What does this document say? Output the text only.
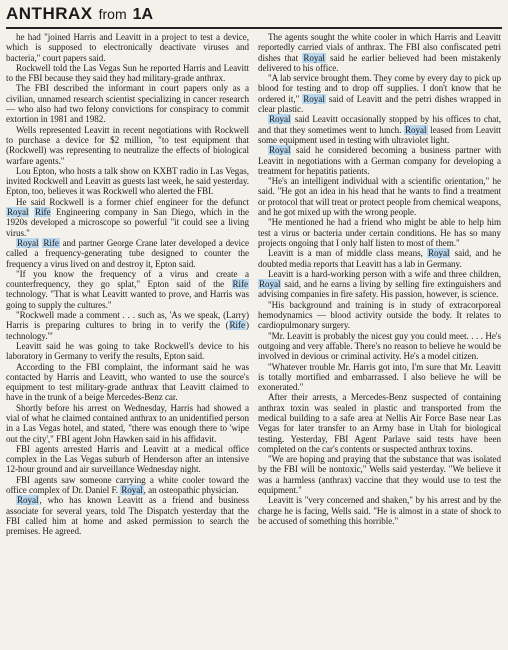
ANTHRAX from 1A

he had "joined Harris and Leavitt in a project to test a device, which is supposed to electronically deactivate viruses and bacteria," court papers said.

Rockwell told the Las Vegas Sun he reported Harris and Leavitt to the FBI because they said they had military-grade anthrax.

The FBI described the informant in court papers only as a civilian, unnamed research scientist specializing in cancer research — who also had two felony convictions for conspiracy to commit extortion in 1981 and 1982.

Wells represented Leavitt in recent negotiations with Rockwell to purchase a device for $2 million, "to test equipment that (Rockwell) was representing to neutralize the effects of biological warfare agents."

Lou Epton, who hosts a talk show on KXBT radio in Las Vegas, invited Rockwell and Leavitt as guests last week, he said yesterday. Epton, too, believes it was Rockwell who alerted the FBI.

He said Rockwell is a former chief engineer for the defunct Royal Rife Engineering company in San Diego, which in the 1920s developed a microscope so powerful "it could see a living virus."

Royal Rife and partner George Crane later developed a device called a frequency-generating tube designed to counter the frequency a virus lived on and destroy it, Epton said.

"If you know the frequency of a virus and create a counterfrequency, they go splat," Epton said of the Rife technology. "That is what Leavitt wanted to prove, and Harris was going to supply the cultures."

"Rockwell made a comment . . . such as, 'As we speak, (Larry) Harris is preparing cultures to bring in to verify the (Rife) technology.'"

Leavitt said he was going to take Rockwell's device to his laboratory in Germany to verify the results, Epton said.

According to the FBI complaint, the informant said he was contacted by Harris and Leavitt, who wanted to use the source's equipment to test military-grade anthrax that Leavitt claimed to have in the trunk of a beige Mercedes-Benz car.

Shortly before his arrest on Wednesday, Harris had showed a vial of what he claimed contained anthrax to an unidentified person in a Las Vegas hotel, and stated, "there was enough there to 'wipe out the city'," FBI agent John Hawken said in his affidavit.

FBI agents arrested Harris and Leavitt at a medical office complex in the Las Vegas suburb of Henderson after an intensive 12-hour ground and air surveillance Wednesday night.

FBI agents saw someone carrying a white cooler toward the office complex of Dr. Daniel F. Royal, an osteopathic physician.

Royal, who has known Leavitt as a friend and business associate for several years, told The Dispatch yesterday that the FBI called him at home and asked permission to search the premises. He agreed.

The agents sought the white cooler in which Harris and Leavitt reportedly carried vials of anthrax. The FBI also confiscated petri dishes that Royal said he earlier believed had been mistakenly delivered to his office.

"A lab service brought them. They come by every day to pick up blood for testing and to drop off supplies. I don't know that he ordered it," Royal said of Leavitt and the petri dishes wrapped in clear plastic.

Royal said Leavitt occasionally stopped by his offices to chat, and that they sometimes went to lunch. Royal leased from Leavitt some equipment used in testing with ultraviolet light.

Royal said he considered becoming a business partner with Leavitt in negotiations with a German company for developing a treatment for hepatitis patients.

"He's an intelligent individual with a scientific orientation," he said. "He got an idea in his head that he wants to find a treatment or protocol that will treat or protect people from chemical weapons, and he got mixed up with the wrong people.

"He mentioned he had a friend who might be able to help him test a virus or bacteria under certain conditions. He has so many projects ongoing that I only half listen to most of them."

Leavitt is a man of middle class means, Royal said, and he doubted media reports that Leavitt has a lab in Germany.

Leavitt is a hard-working person with a wife and three children, Royal said, and he earns a living by selling fire extinguishers and advising companies in fire safety. His passion, however, is science.

"His background and training is in study of extracorporeal hemodynamics — blood activity outside the body. It relates to cardiopulmonary surgery.

"Mr. Leavitt is probably the nicest guy you could meet. . . . He's outgoing and very affable. There's no reason to believe he would be involved in devious or criminal activity. He's a model citizen.

"Whatever trouble Mr. Harris got into, I'm sure that Mr. Leavitt is totally mortified and embarrassed. I also believe he will be exonerated."

After their arrests, a Mercedes-Benz suspected of containing anthrax toxin was sealed in plastic and transported from the medical building to a safe area at Nellis Air Force Base near Las Vegas for later transfer to an Army base in Utah for biological testing. Yesterday, FBI Agent Parlave said tests have been completed on the car's contents or suspected anthrax toxins.

"We are hoping and praying that the substance that was isolated by the FBI will be nontoxic," Wells said yesterday. "We believe it was a harmless (anthrax) vaccine that they would use to test the equipment."

Leavitt is "very concerned and shaken," by his arrest and by the charge he is facing, Wells said. "He is almost in a state of shock to be accused of something this horrible."
